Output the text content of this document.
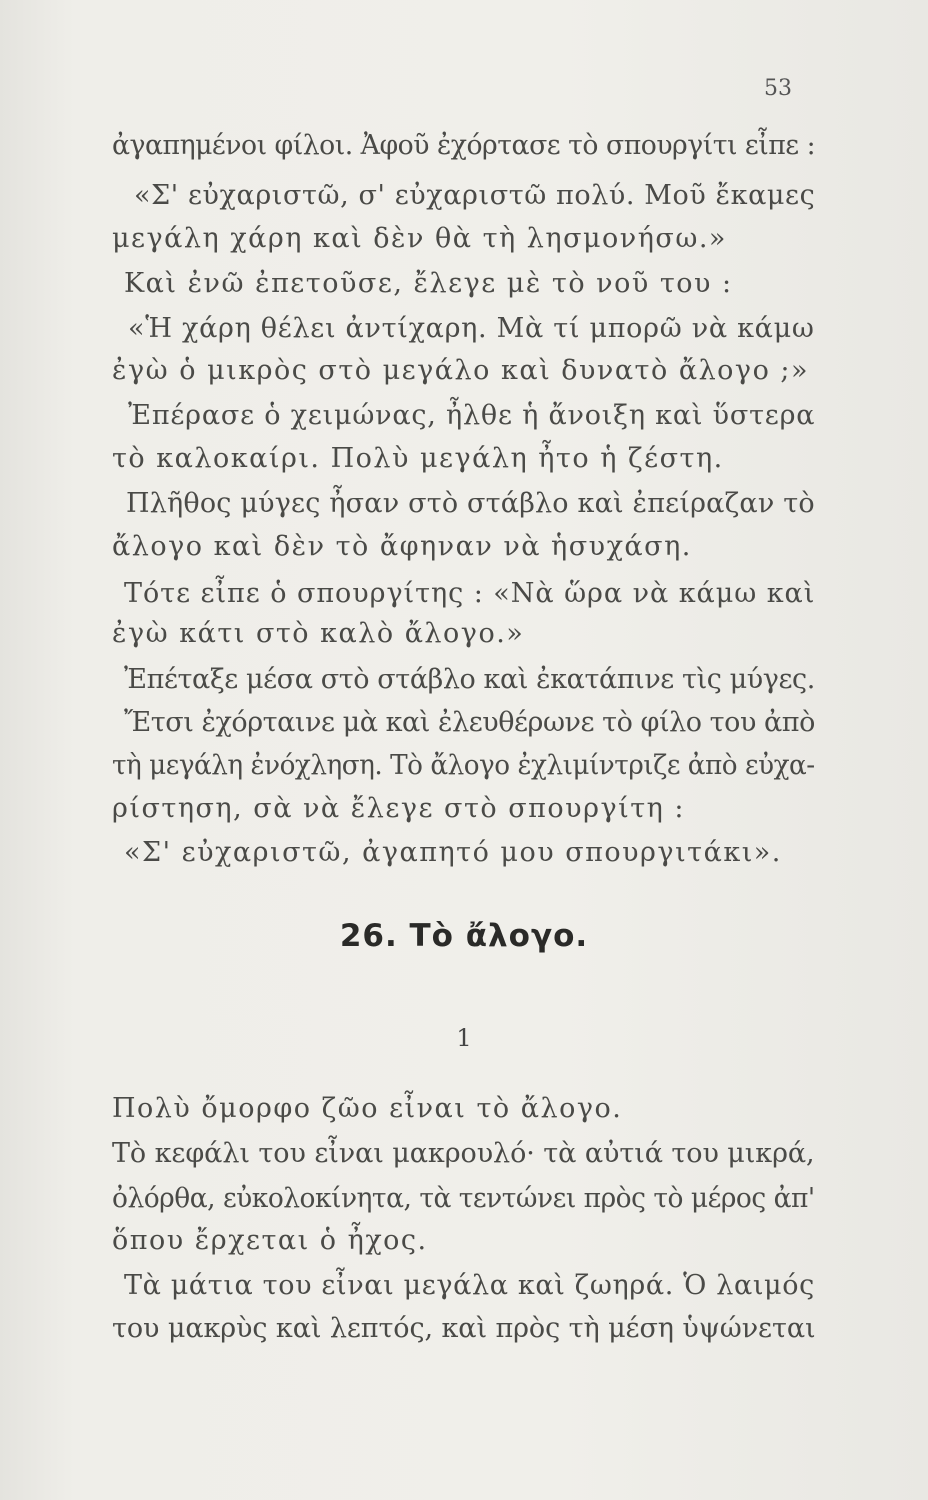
53
ἀγαπημένοι φίλοι. Ἀφοῦ ἐχόρτασε τὸ σπουργίτι εἶπε :
«Σ' εὐχαριστῶ, σ' εὐχαριστῶ πολύ. Μοῦ ἔκαμες
μεγάλη χάρη καὶ δὲν θὰ τὴ λησμονήσω.»
Καὶ ἐνῶ ἐπετοῦσε, ἔλεγε μὲ τὸ νοῦ του :
«Ἡ χάρη θέλει ἀντίχαρη. Μὰ τί μπορῶ νὰ κάμω
ἐγὼ ὁ μικρὸς στὸ μεγάλο καὶ δυνατὸ ἄλογο ;»
Ἐπέρασε ὁ χειμώνας, ἦλθε ἡ ἄνοιξη καὶ ὕστερα
τὸ καλοκαίρι. Πολὺ μεγάλη ἦτο ἡ ζέστη.
Πλῆθος μύγες ἦσαν στὸ στάβλο καὶ ἐπείραζαν τὸ
ἄλογο καὶ δὲν τὸ ἄφηναν νὰ ἡσυχάση.
Τότε εἶπε ὁ σπουργίτης : «Νὰ ὥρα νὰ κάμω καὶ
ἐγὼ κάτι στὸ καλὸ ἄλογο.»
Ἐπέταξε μέσα στὸ στάβλο καὶ ἐκατάπινε τὶς μύγες.
Ἔτσι ἐχόρταινε μὰ καὶ ἐλευθέρωνε τὸ φίλο του ἀπὸ
τὴ μεγάλη ἐνόχληση. Τὸ ἄλογο ἐχλιμίντριζε ἀπὸ εὐχα-
ρίστηση, σὰ νὰ ἔλεγε στὸ σπουργίτη :
«Σ' εὐχαριστῶ, ἀγαπητό μου σπουργιτάκι».
26. Τὸ ἄλογο.
1
Πολὺ ὄμορφο ζῶο εἶναι τὸ ἄλογο.
Τὸ κεφάλι του εἶναι μακρουλό· τὰ αὐτιά του μικρά,
ὀλόρθα, εὐκολοκίνητα, τὰ τεντώνει πρὸς τὸ μέρος ἀπ'
ὅπου ἔρχεται ὁ ἦχος.
Τὰ μάτια του εἶναι μεγάλα καὶ ζωηρά. Ὁ λαιμός
του μακρὺς καὶ λεπτός, καὶ πρὸς τὴ μέση ὑψώνεται
